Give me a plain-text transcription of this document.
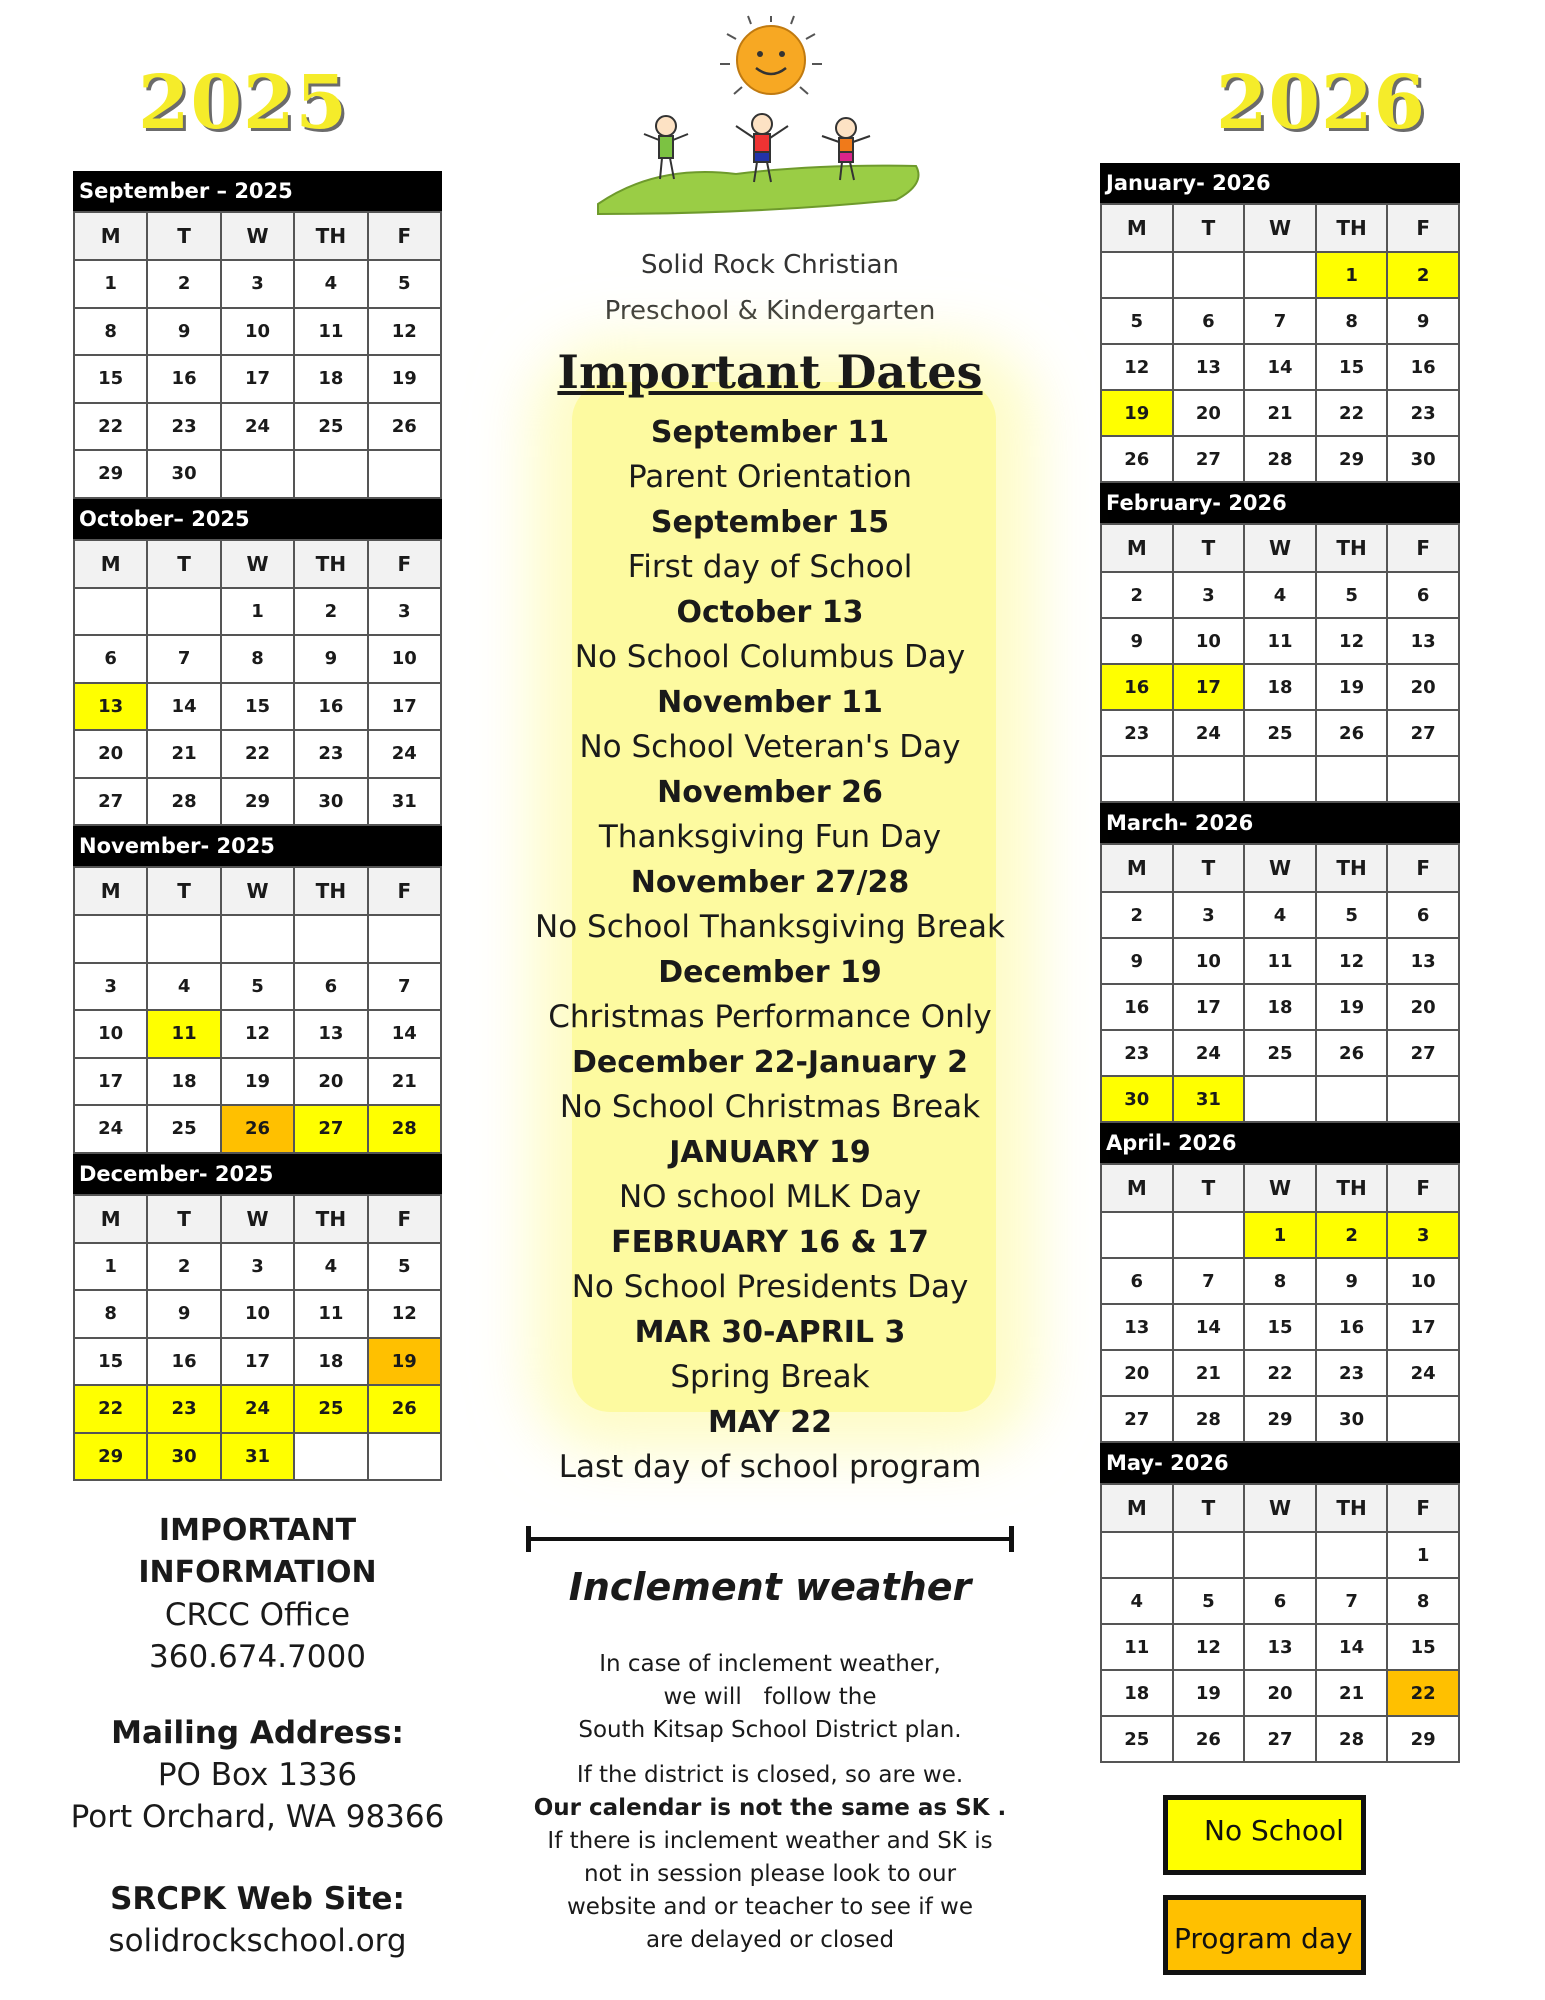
2025	2026
Solid Rock Christian
Preschool & Kindergarten
September – 2025
M	T	W	TH	F
1	2	3	4	5
8	9	10	11	12
15	16	17	18	19
22	23	24	25	26
29	30			
October– 2025
M	T	W	TH	F
		1	2	3
6	7	8	9	10
13	14	15	16	17
20	21	22	23	24
27	28	29	30	31
November- 2025
M	T	W	TH	F

3	4	5	6	7
10	11	12	13	14
17	18	19	20	21
24	25	26	27	28
December- 2025
M	T	W	TH	F
1	2	3	4	5
8	9	10	11	12
15	16	17	18	19
22	23	24	25	26
29	30	31		
January- 2026
M	T	W	TH	F
			1	2
5	6	7	8	9
12	13	14	15	16
19	20	21	22	23
26	27	28	29	30
February- 2026
M	T	W	TH	F
2	3	4	5	6
9	10	11	12	13
16	17	18	19	20
23	24	25	26	27

March- 2026
M	T	W	TH	F
2	3	4	5	6
9	10	11	12	13
16	17	18	19	20
23	24	25	26	27
30	31			
April- 2026
M	T	W	TH	F
		1	2	3
6	7	8	9	10
13	14	15	16	17
20	21	22	23	24
27	28	29	30	
May- 2026
M	T	W	TH	F
				1
4	5	6	7	8
11	12	13	14	15
18	19	20	21	22
25	26	27	28	29
Important Dates
September 11
Parent Orientation
September 15
First day of School
October 13
No School Columbus Day
November 11
No School Veteran's Day
November 26
Thanksgiving Fun Day
November 27/28
No School Thanksgiving Break
December 19
Christmas Performance Only
December 22-January 2
No School Christmas Break
JANUARY 19
NO school MLK Day
FEBRUARY 16 & 17
No School Presidents Day
MAR 30-APRIL 3
Spring Break
MAY 22
Last day of school program
Inclement weather
In case of inclement weather,
we will   follow the
South Kitsap School District plan.
If the district is closed, so are we.
Our calendar is not the same as SK .
If there is inclement weather and SK is
not in session please look to our
website and or teacher to see if we
are delayed or closed
IMPORTANT
INFORMATION
CRCC Office
360.674.7000
Mailing Address:
PO Box 1336
Port Orchard, WA 98366
SRCPK Web Site:
solidrockschool.org
No School
Program day
